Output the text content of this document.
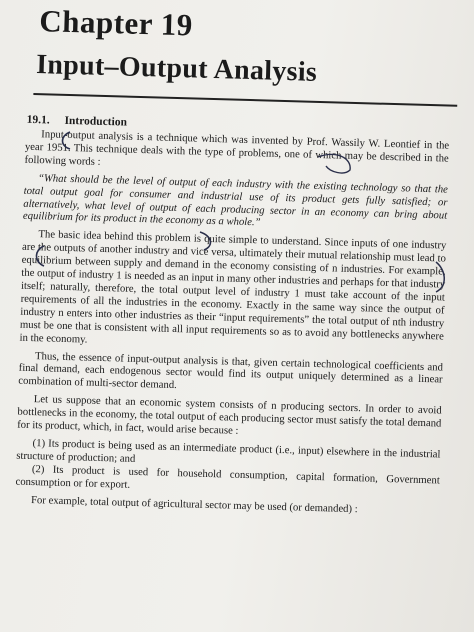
Chapter 19
Input–Output Analysis
19.1. Introduction

Input-output analysis is a technique which was invented by Prof. Wassily W. Leontief in the year 1951. This technique deals with the type of problems, one of which may be described in the following words :

“What should be the level of output of each industry with the existing technology so that the total output goal for consumer and industrial use of its product gets fully satisfied; or alternatively, what level of output of each producing sector in an economy can bring about equilibrium for its product in the economy as a whole.”

The basic idea behind this problem is quite simple to understand. Since inputs of one industry are the outputs of another industry and vice versa, ultimately their mutual relationship must lead to equilibrium between supply and demand in the economy consisting of n industries. For example, the output of industry 1 is needed as an input in many other industries and perhaps for that industry itself; naturally, therefore, the total output level of industry 1 must take account of the input requirements of all the industries in the economy. Exactly in the same way since the output of industry n enters into other industries as their “input requirements” the total output of nth industry must be one that is consistent with all input requirements so as to avoid any bottlenecks anywhere in the economy.

Thus, the essence of input-output analysis is that, given certain technological coefficients and final demand, each endogenous sector would find its output uniquely determined as a linear combination of multi-sector demand.

Let us suppose that an economic system consists of n producing sectors. In order to avoid bottlenecks in the economy, the total output of each producing sector must satisfy the total demand for its product, which, in fact, would arise because :

(1) Its product is being used as an intermediate product (i.e., input) elsewhere in the industrial structure of production; and

(2) Its product is used for household consumption, capital formation, Government consumption or for export.

For example, total output of agricultural sector may be used (or demanded) :
